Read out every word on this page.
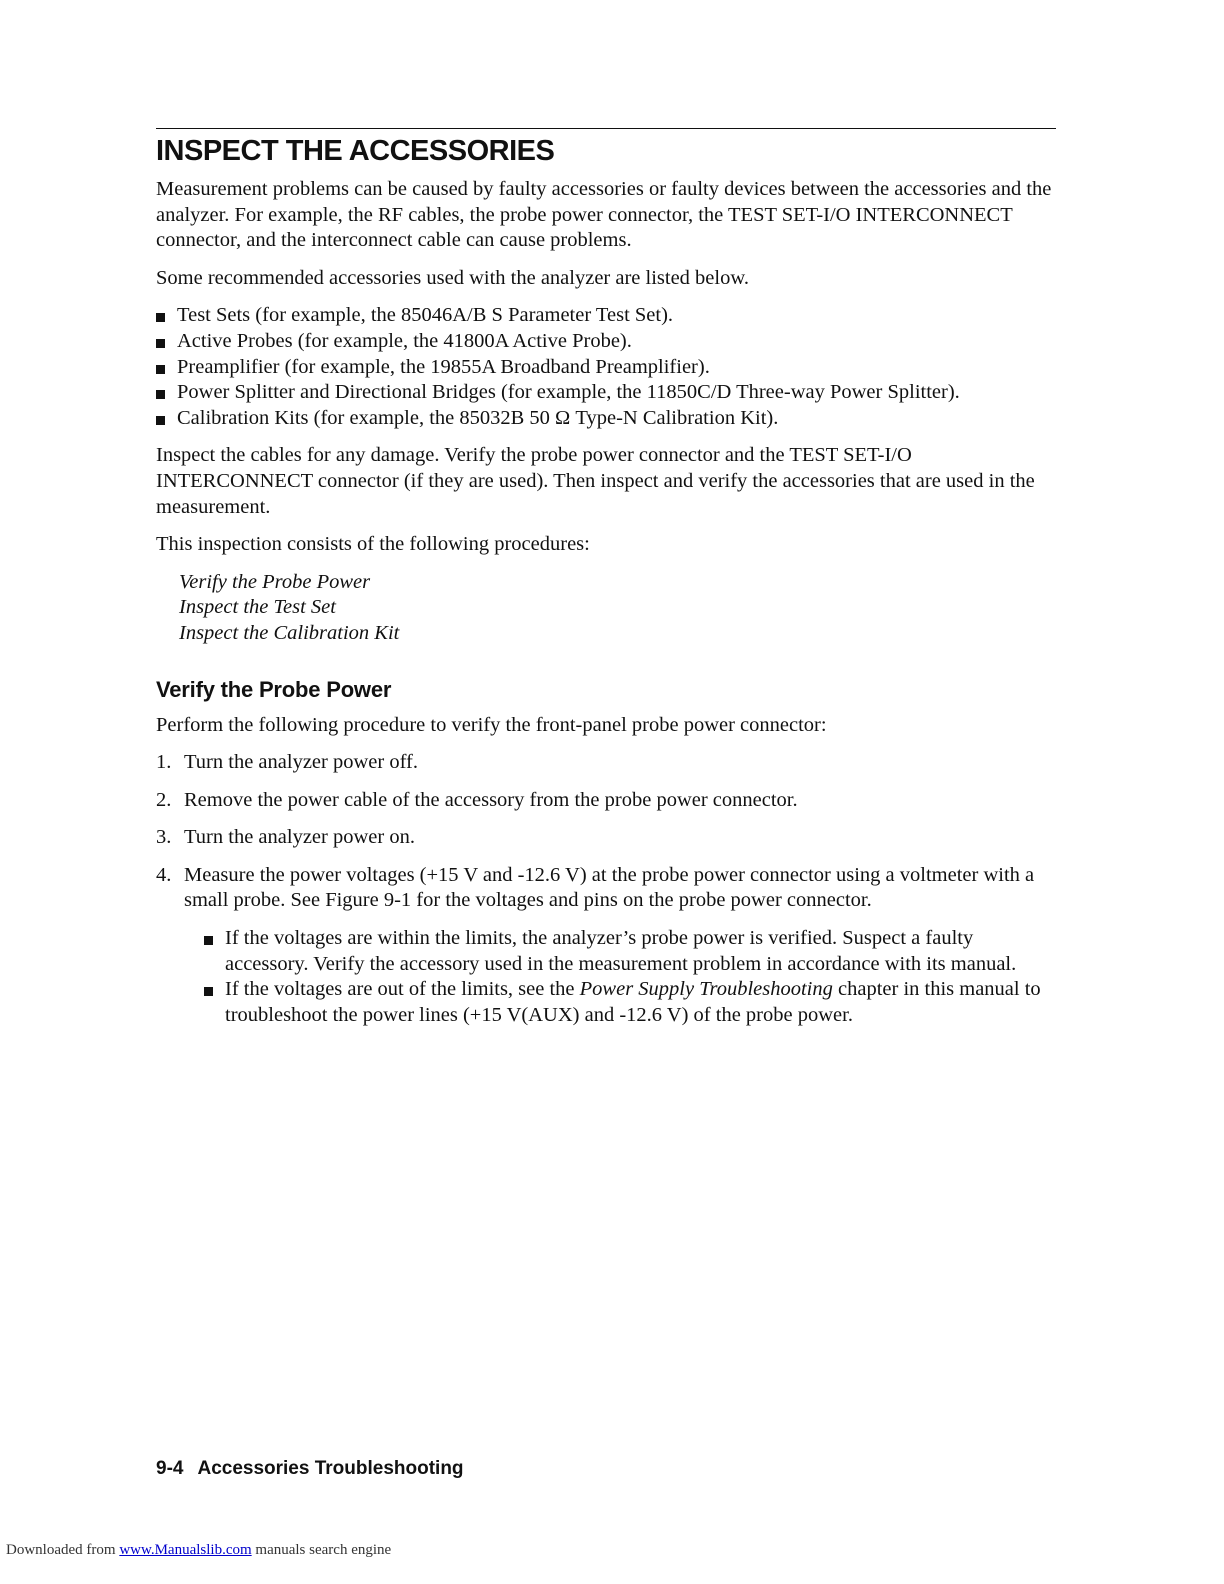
INSPECT THE ACCESSORIES

Measurement problems can be caused by faulty accessories or faulty devices between the accessories and the analyzer. For example, the RF cables, the probe power connector, the TEST SET-I/O INTERCONNECT connector, and the interconnect cable can cause problems.

Some recommended accessories used with the analyzer are listed below.

Test Sets (for example, the 85046A/B S Parameter Test Set).
Active Probes (for example, the 41800A Active Probe).
Preamplifier (for example, the 19855A Broadband Preamplifier).
Power Splitter and Directional Bridges (for example, the 11850C/D Three-way Power Splitter).
Calibration Kits (for example, the 85032B 50 Ω Type-N Calibration Kit).

Inspect the cables for any damage. Verify the probe power connector and the TEST SET-I/O INTERCONNECT connector (if they are used). Then inspect and verify the accessories that are used in the measurement.

This inspection consists of the following procedures:

Verify the Probe Power
Inspect the Test Set
Inspect the Calibration Kit
Verify the Probe Power

Perform the following procedure to verify the front-panel probe power connector:

1. Turn the analyzer power off.
2. Remove the power cable of the accessory from the probe power connector.
3. Turn the analyzer power on.
4. Measure the power voltages (+15 V and -12.6 V) at the probe power connector using a voltmeter with a small probe. See Figure 9-1 for the voltages and pins on the probe power connector.
If the voltages are within the limits, the analyzer’s probe power is verified. Suspect a faulty accessory. Verify the accessory used in the measurement problem in accordance with its manual.
If the voltages are out of the limits, see the Power Supply Troubleshooting chapter in this manual to troubleshoot the power lines (+15 V(AUX) and -12.6 V) of the probe power.
9-4 Accessories Troubleshooting
Downloaded from www.Manualslib.com manuals search engine
